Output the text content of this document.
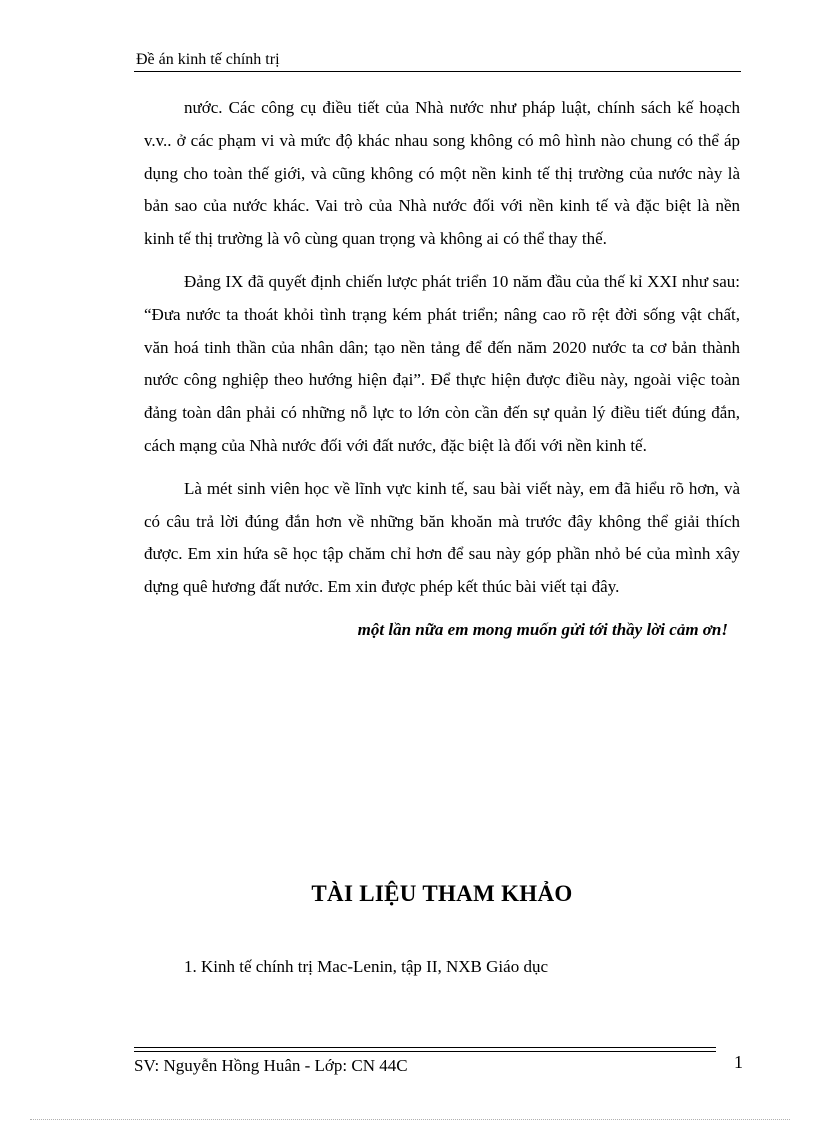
Đề án kinh tế chính trị

nước. Các công cụ điều tiết của Nhà nước như pháp luật, chính sách kế hoạch v.v.. ở các phạm vi và mức độ khác nhau song không có mô hình nào chung có thể áp dụng cho toàn thế giới, và cũng không có một nền kinh tế thị trường của nước này là bản sao của nước khác. Vai trò của Nhà nước đối với nền kinh tế và đặc biệt là nền kinh tế thị trường là vô cùng quan trọng và không ai có thể thay thế.

Đảng IX đã quyết định chiến lược phát triển 10 năm đầu của thế kỉ XXI như sau: “Đưa nước ta thoát khỏi tình trạng kém phát triển; nâng cao rõ rệt đời sống vật chất, văn hoá tinh thần của nhân dân; tạo nền tảng để đến năm 2020 nước ta cơ bản thành nước công nghiệp theo hướng hiện đại”. Để thực hiện được điều này, ngoài việc toàn đảng toàn dân phải có những nỗ lực to lớn còn cần đến sự quản lý điều tiết đúng đắn, cách mạng của Nhà nước đối với đất nước, đặc biệt là đối với nền kinh tế.

Là mét sinh viên học về lĩnh vực kinh tế, sau bài viết này, em đã hiểu rõ hơn, và có câu trả lời đúng đắn hơn về những băn khoăn mà trước đây không thể giải thích được. Em xin hứa sẽ học tập chăm chỉ hơn để sau này góp phần nhỏ bé của mình xây dựng quê hương đất nước. Em xin được phép kết thúc bài viết tại đây.

một lần nữa em mong muốn gửi tới thầy lời cảm ơn!

TÀI LIỆU THAM KHẢO
1. Kinh tế chính trị Mac-Lenin, tập II, NXB Giáo dục
SV: Nguyễn Hồng Huân - Lớp: CN 44C	1
